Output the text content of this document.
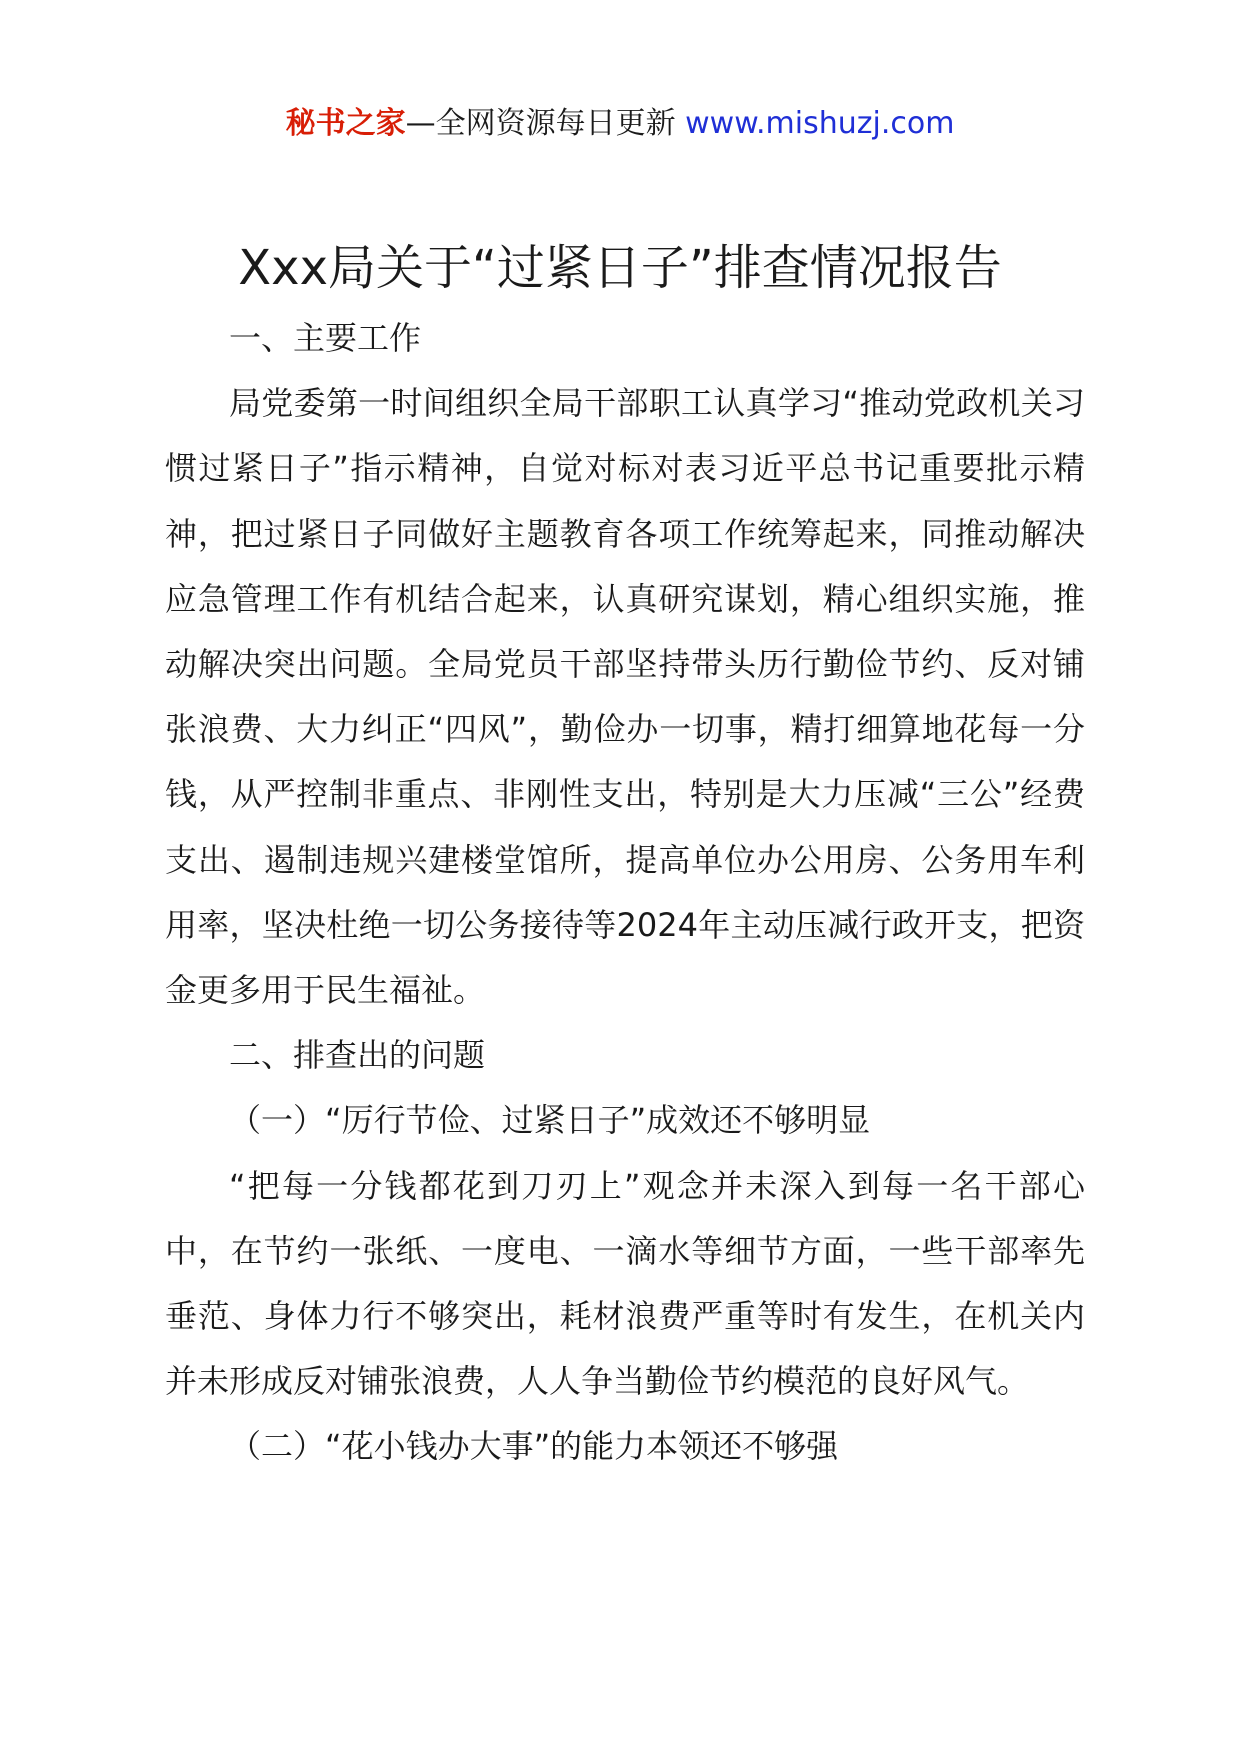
秘书之家—全网资源每日更新 www.mishuzj.com
Xxx局关于“过紧日子”排查情况报告
一、主要工作

局党委第一时间组织全局干部职工认真学习“推动党政机关习惯过紧日子”指示精神，自觉对标对表习近平总书记重要批示精神，把过紧日子同做好主题教育各项工作统筹起来，同推动解决应急管理工作有机结合起来，认真研究谋划，精心组织实施，推动解决突出问题。全局党员干部坚持带头历行勤俭节约、反对铺张浪费、大力纠正“四风”，勤俭办一切事，精打细算地花每一分钱，从严控制非重点、非刚性支出，特别是大力压减“三公”经费支出、遏制违规兴建楼堂馆所，提高单位办公用房、公务用车利用率，坚决杜绝一切公务接待等2024年主动压减行政开支，把资金更多用于民生福祉。

二、排查出的问题
（一）“厉行节俭、过紧日子”成效还不够明显

“把每一分钱都花到刀刃上”观念并未深入到每一名干部心中，在节约一张纸、一度电、一滴水等细节方面，一些干部率先垂范、身体力行不够突出，耗材浪费严重等时有发生，在机关内并未形成反对铺张浪费，人人争当勤俭节约模范的良好风气。

（二）“花小钱办大事”的能力本领还不够强
